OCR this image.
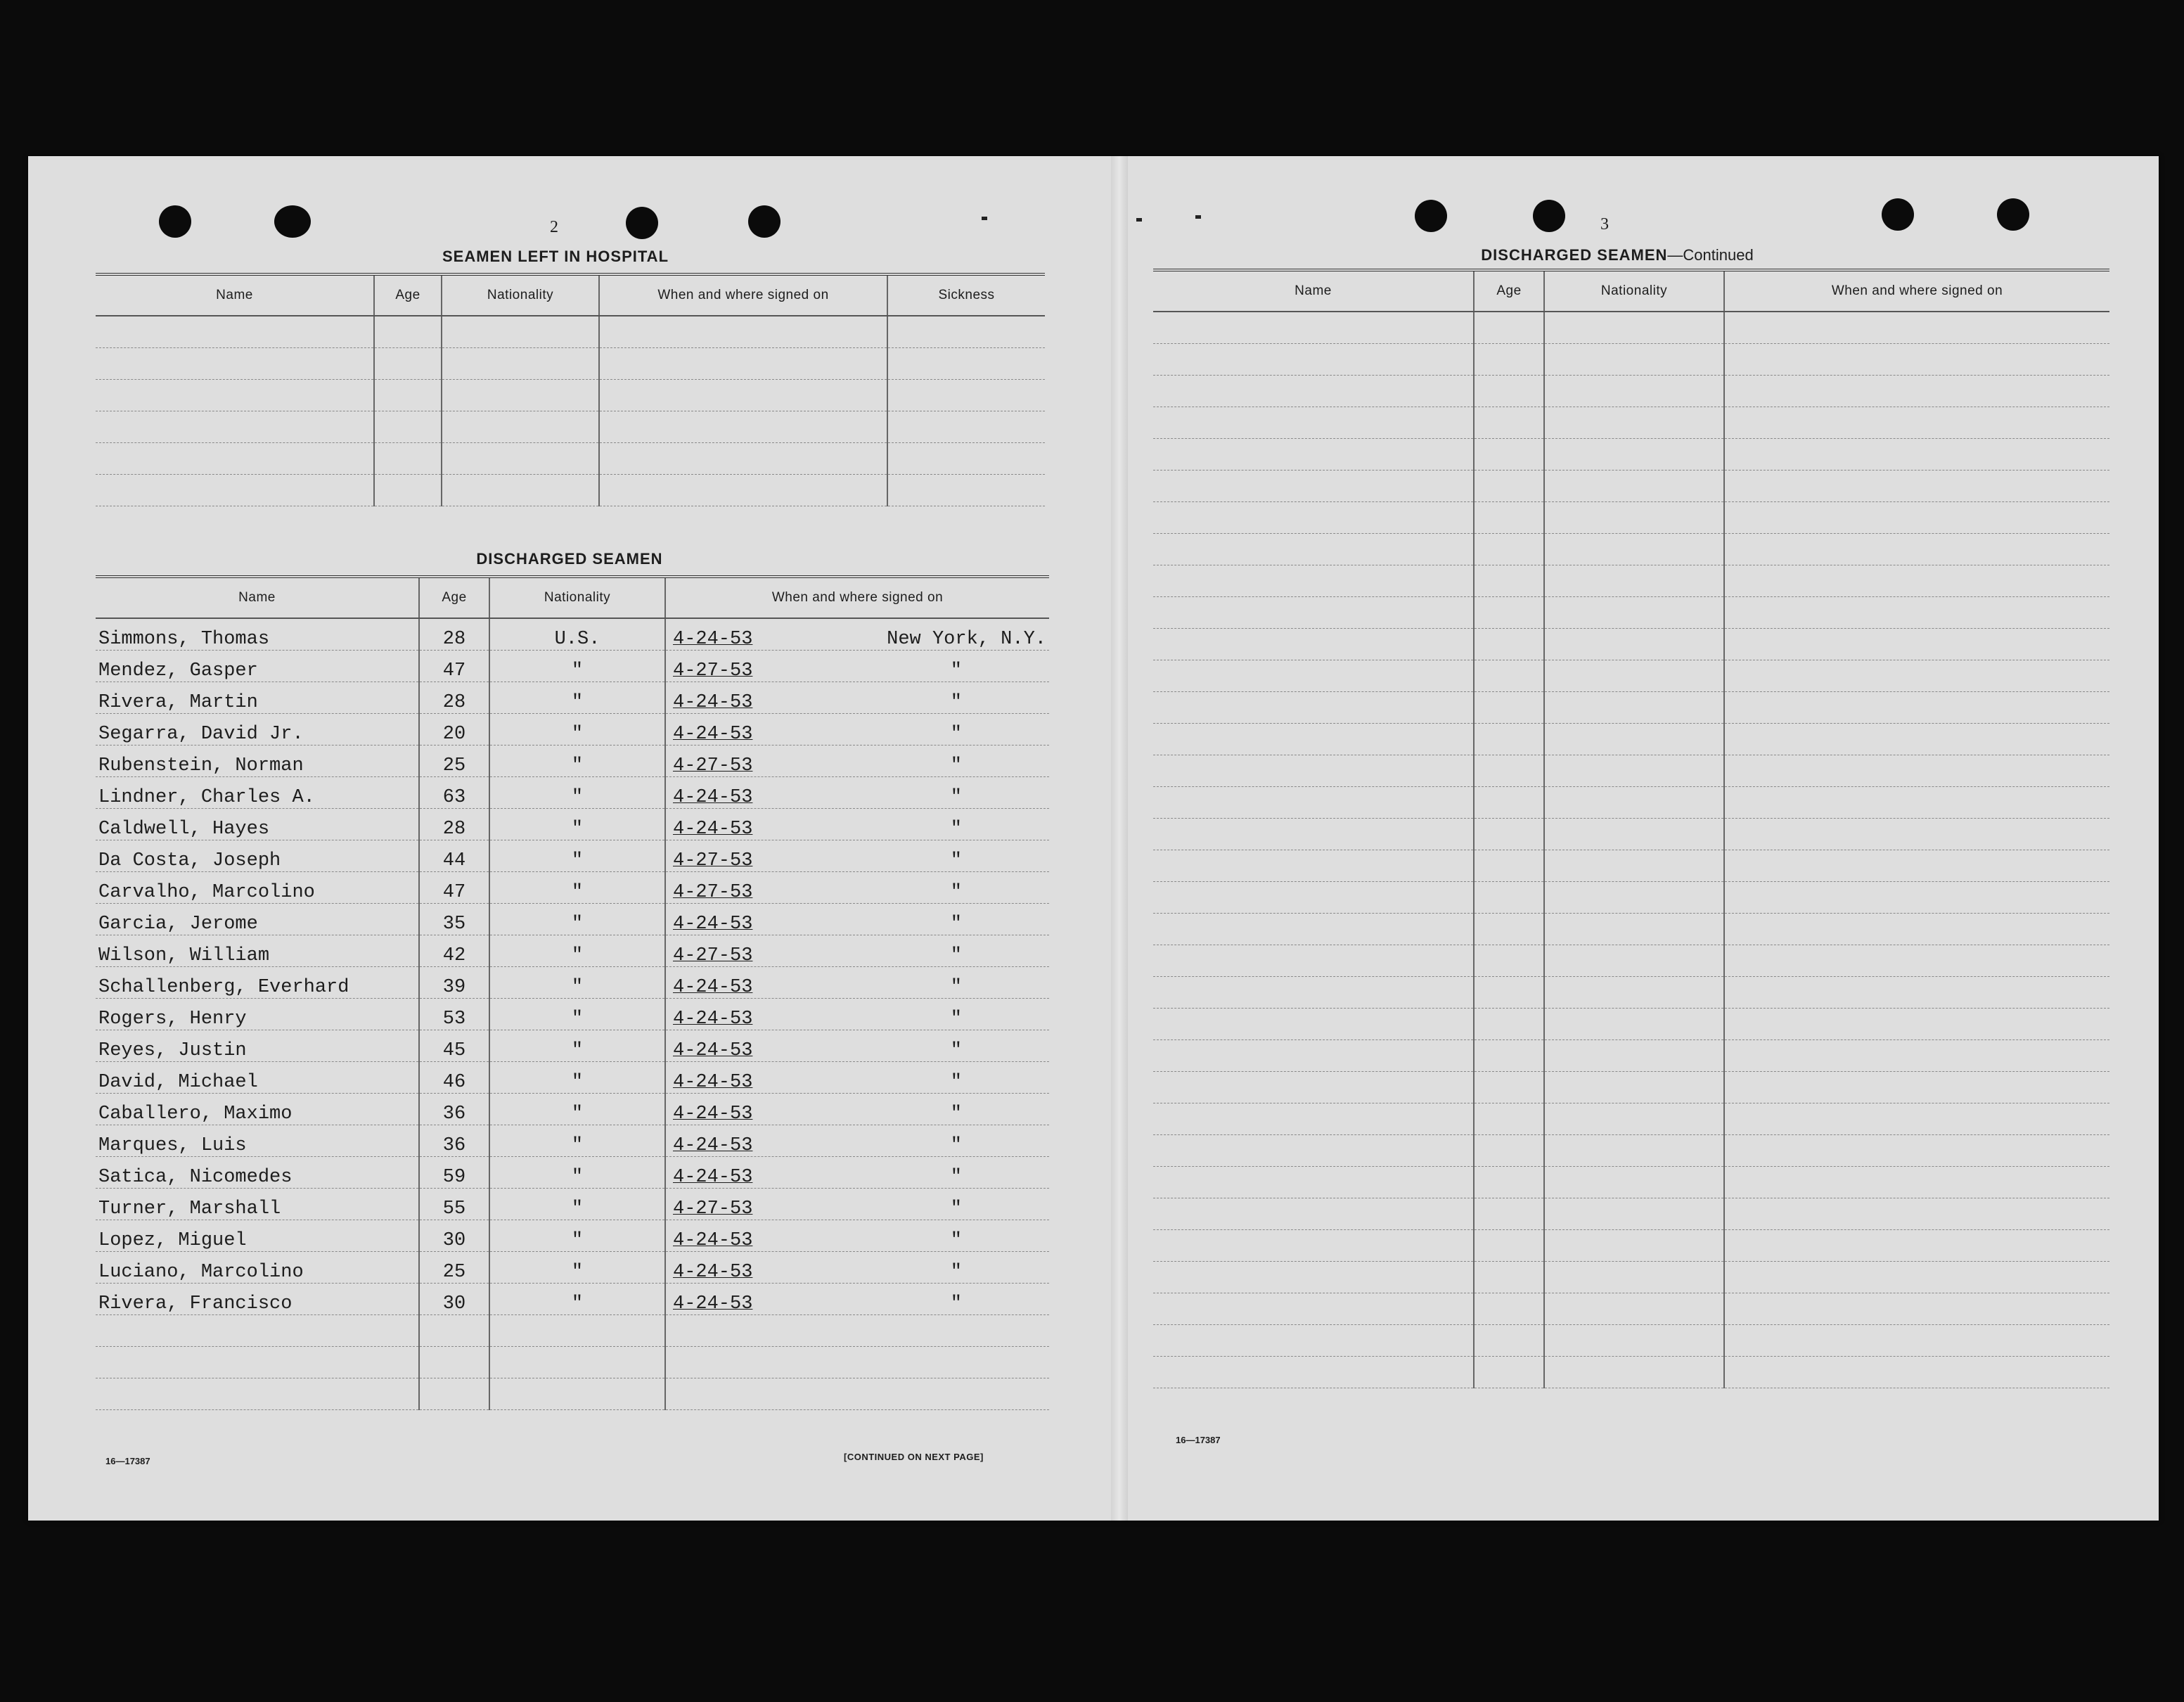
2
SEAMEN LEFT IN HOSPITAL
Name	Age	Nationality	When and where signed on	Sickness

DISCHARGED SEAMEN
Name	Age	Nationality	When and where signed on
Simmons, Thomas	28	U.S.	4-24-53 New York, N.Y.

Mendez, Gasper	47	"	4-27-53 "

Rivera, Martin	28	"	4-24-53 "

Segarra, David Jr.	20	"	4-24-53 "

Rubenstein, Norman	25	"	4-27-53 "

Lindner, Charles A.	63	"	4-24-53 "

Caldwell, Hayes	28	"	4-24-53 "

Da Costa, Joseph	44	"	4-27-53 "

Carvalho, Marcolino	47	"	4-27-53 "

Garcia, Jerome	35	"	4-24-53 "

Wilson, William	42	"	4-27-53 "

Schallenberg, Everhard	39	"	4-24-53 "

Rogers, Henry	53	"	4-24-53 "

Reyes, Justin	45	"	4-24-53 "

David, Michael	46	"	4-24-53 "

Caballero, Maximo	36	"	4-24-53 "

Marques, Luis	36	"	4-24-53 "

Satica, Nicomedes	59	"	4-24-53 "

Turner, Marshall	55	"	4-27-53 "

Lopez, Miguel	30	"	4-24-53 "

Luciano, Marcolino	25	"	4-24-53 "

Rivera, Francisco	30	"	4-24-53 "

16—17387	[CONTINUED ON NEXT PAGE]
3
DISCHARGED SEAMEN—Continued
Name	Age	Nationality	When and where signed on

16—17387
